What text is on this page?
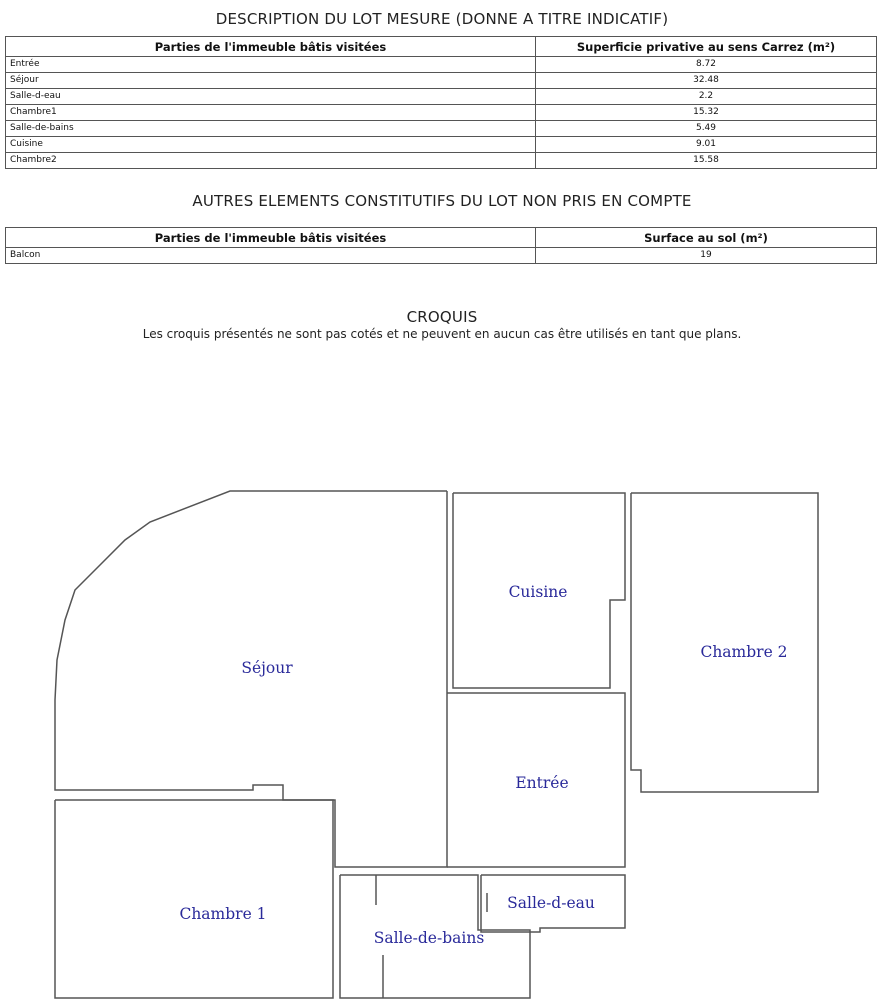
DESCRIPTION DU LOT MESURE (DONNE A TITRE INDICATIF)
Parties de l'immeuble bâtis visitées	Superficie privative au sens Carrez (m²)
Entrée	8.72
Séjour	32.48
Salle-d-eau	2.2
Chambre1	15.32
Salle-de-bains	5.49
Cuisine	9.01
Chambre2	15.58
AUTRES ELEMENTS CONSTITUTIFS DU LOT NON PRIS EN COMPTE
Parties de l'immeuble bâtis visitées	Surface au sol (m²)
Balcon	19
CROQUIS
Les croquis présentés ne sont pas cotés et ne peuvent en aucun cas être utilisés en tant que plans.
Séjour
Cuisine
Chambre 2
Entrée
Chambre 1
Salle-de-bains
Salle-d-eau
